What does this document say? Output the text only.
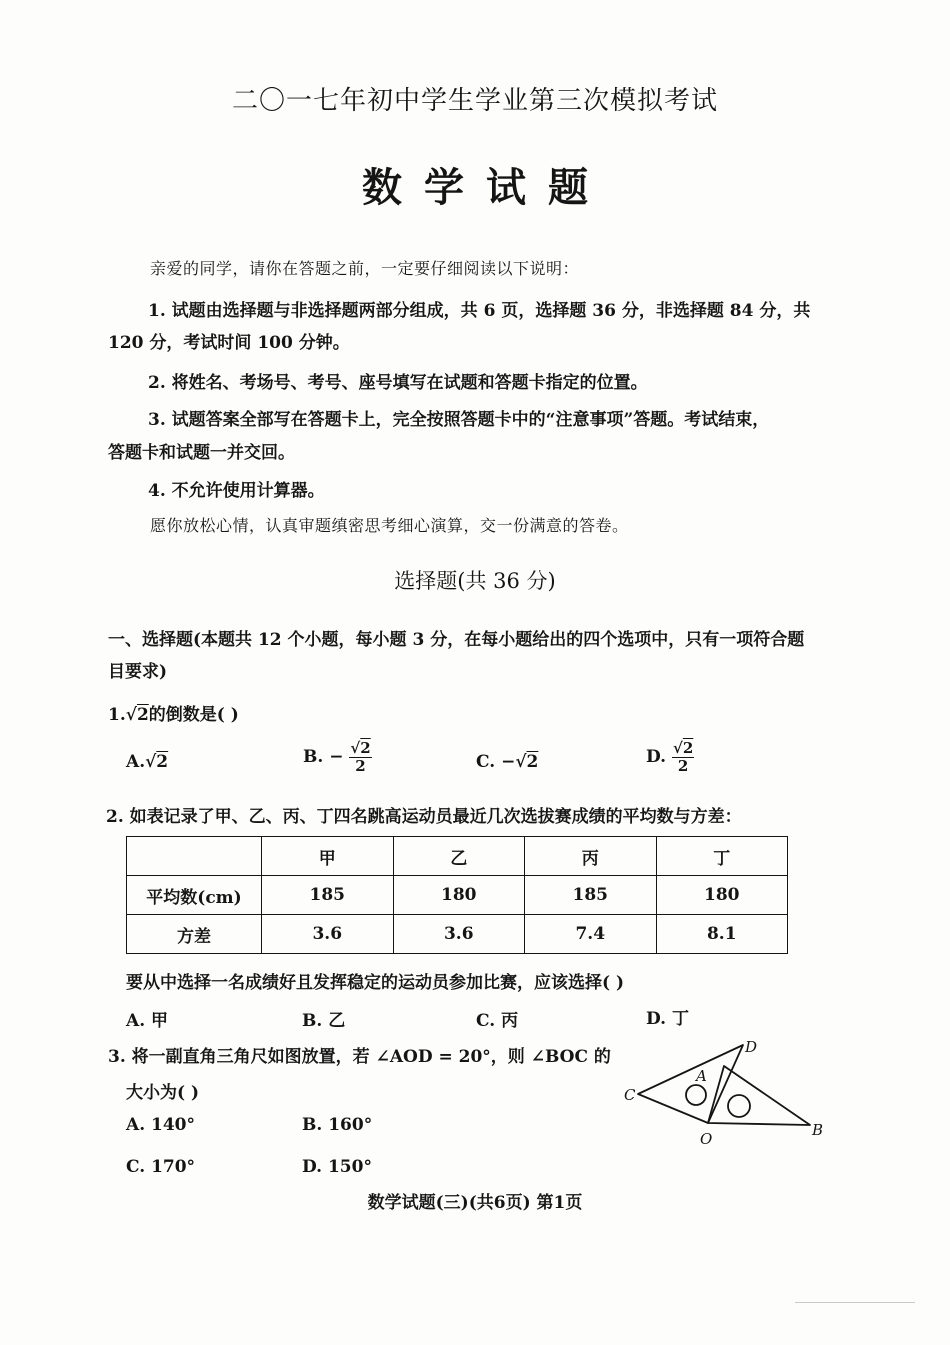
二〇一七年初中学生学业第三次模拟考试
数学试题
亲爱的同学，请你在答题之前，一定要仔细阅读以下说明：
1. 试题由选择题与非选择题两部分组成，共 6 页，选择题 36 分，非选择题 84 分，共
120 分，考试时间 100 分钟。
2. 将姓名、考场号、考号、座号填写在试题和答题卡指定的位置。
3. 试题答案全部写在答题卡上，完全按照答题卡中的“注意事项”答题。考试结束，
答题卡和试题一并交回。
4. 不允许使用计算器。
愿你放松心情，认真审题缜密思考细心演算，交一份满意的答卷。
选择题(共 36 分)
一、选择题(本题共 12 个小题，每小题 3 分，在每小题给出的四个选项中，只有一项符合题
目要求)
1.√2的倒数是( )
A.√2	B. − $\frac{√2}{2}$	C. −√2	D. $\frac{√2}{2}$
2. 如表记录了甲、乙、丙、丁四名跳高运动员最近几次选拔赛成绩的平均数与方差：
	甲	乙	丙	丁
平均数(cm)	185	180	185	180
方差	3.6	3.6	7.4	8.1
要从中选择一名成绩好且发挥稳定的运动员参加比赛，应该选择( )
A. 甲	B. 乙	C. 丙	D. 丁
3. 将一副直角三角尺如图放置，若 ∠AOD = 20°，则 ∠BOC 的
大小为( )
A. 140°	B. 160°
C. 170°	D. 150°
D
A
C
B
O
数学试题(三)(共6页) 第1页
